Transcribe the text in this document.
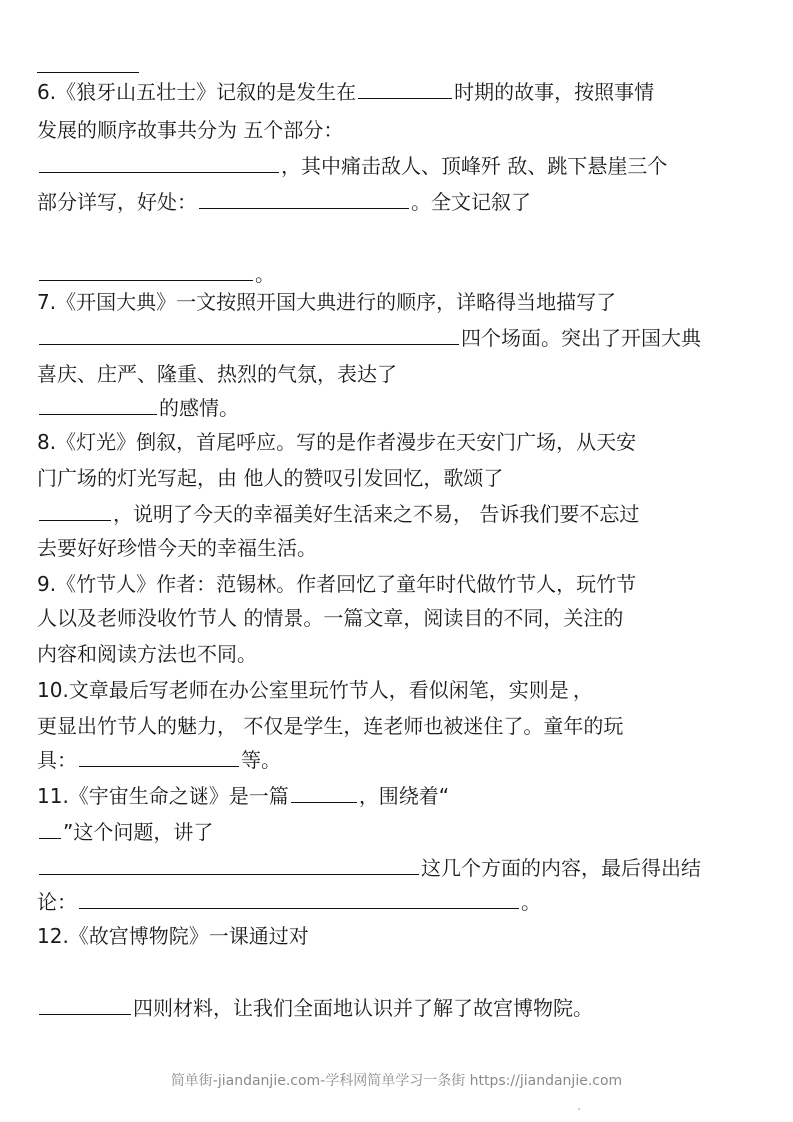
6.《狼牙山五壮士》记叙的是发生在	时期的故事，按照事情
发展的顺序故事共分为 五个部分：
，其中痛击敌人、顶峰歼 敌、跳下悬崖三个
部分详写，好处：	。全文记叙了
。
7.《开国大典》一文按照开国大典进行的顺序，详略得当地描写了
四个场面。突出了开国大典
喜庆、庄严、隆重、热烈的气氛，表达了
的感情。
8.《灯光》倒叙，首尾呼应。写的是作者漫步在天安门广场，从天安
门广场的灯光写起，由 他人的赞叹引发回忆，歌颂了
，说明了今天的幸福美好生活来之不易， 告诉我们要不忘过
去要好好珍惜今天的幸福生活。
9.《竹节人》作者：范锡林。作者回忆了童年时代做竹节人，玩竹节
人以及老师没收竹节人 的情景。一篇文章，阅读目的不同，关注的
内容和阅读方法也不同。
10.文章最后写老师在办公室里玩竹节人，看似闲笔，实则是 ，
更显出竹节人的魅力， 不仅是学生，连老师也被迷住了。童年的玩
具：	等。
11.《宇宙生命之谜》是一篇	，围绕着“
”这个问题，讲了
这几个方面的内容，最后得出结
论：	。
12.《故宫博物院》一课通过对
四则材料，让我们全面地认识并了解了故宫博物院。
简单街-jiandanjie.com-学科网简单学习一条街 https://jiandanjie.com
